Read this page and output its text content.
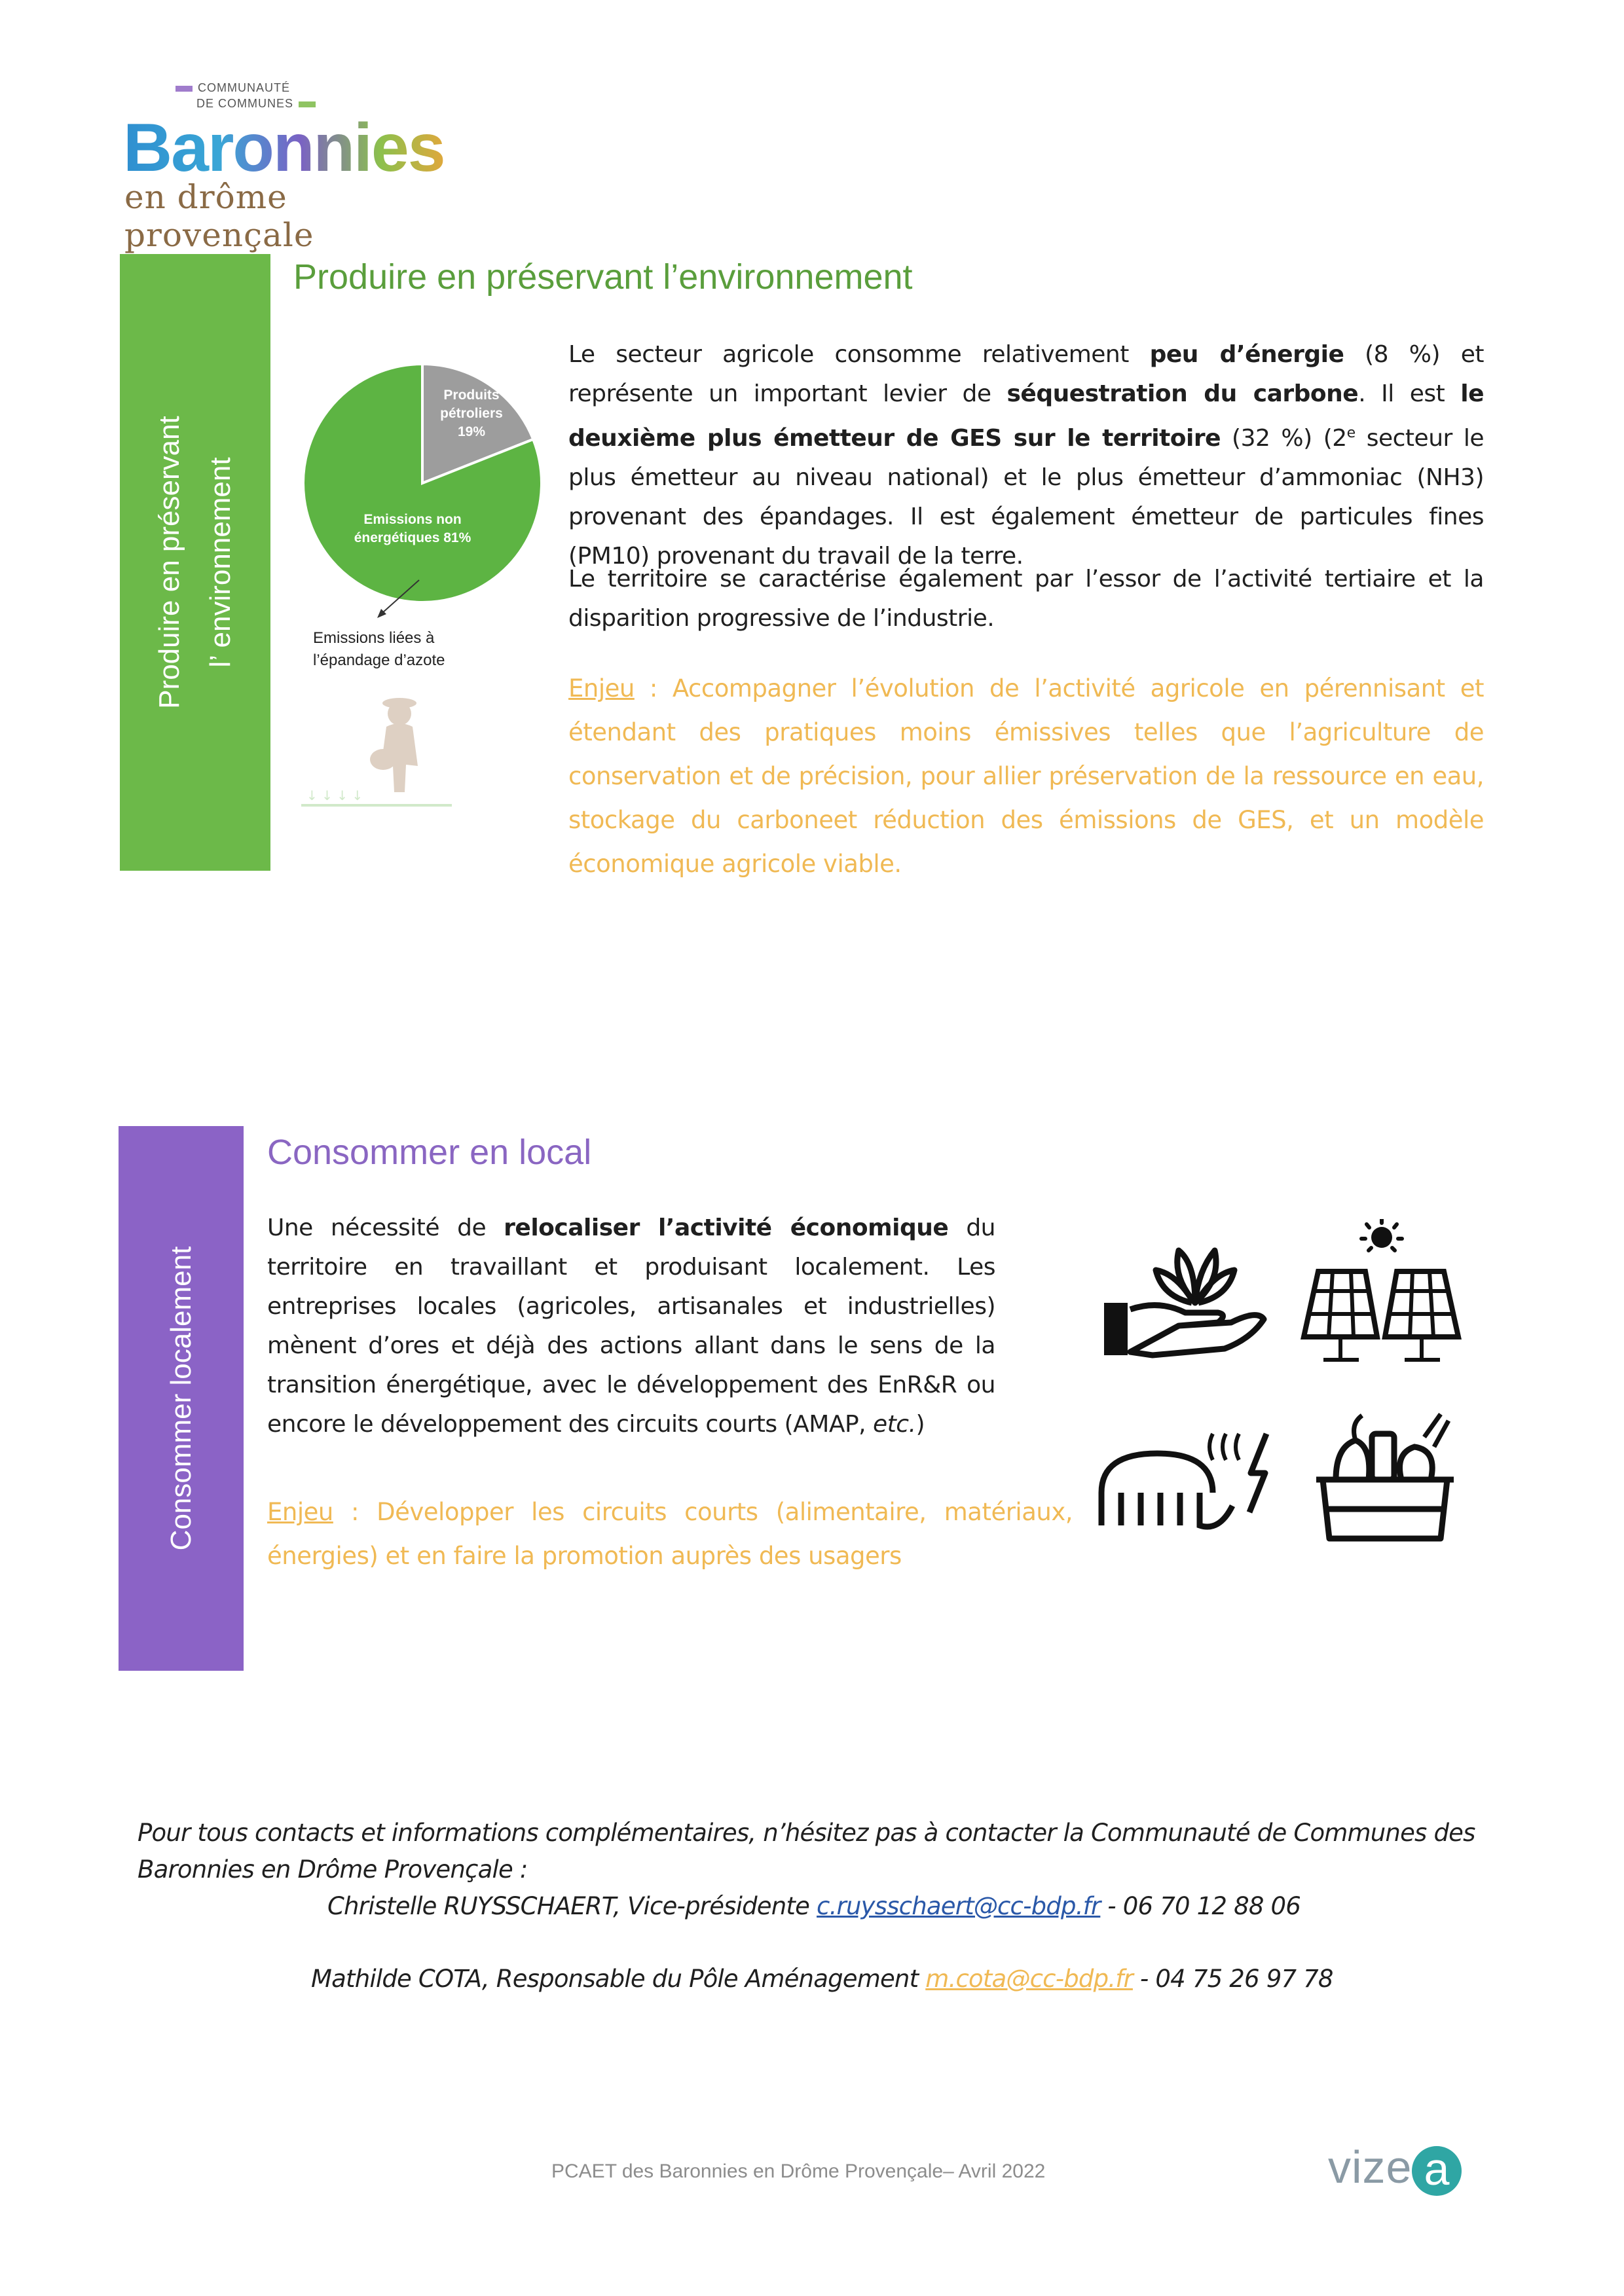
COMMUNAUTÉ
DE COMMUNES
Baronnies
en drôme provençale
Produire en préservant l’ environnement
Produire en préservant l’environnement
Produits
pétroliers
19%
Emissions non
énergétiques 81%
Emissions liées à
l’épandage d’azote
↓ ↓ ↓ ↓
Le secteur agricole consomme relativement peu d’énergie (8 %) et représente un important levier de séquestration du carbone. Il est le deuxième plus émetteur de GES sur le territoire (32 %) (2e secteur le plus émetteur au niveau national) et le plus émetteur d’ammoniac (NH3) provenant des épandages. Il est également émetteur de particules fines (PM10) provenant du travail de la terre.
Le territoire se caractérise également par l’essor de l’activité tertiaire et la disparition progressive de l’industrie.
Enjeu : Accompagner l’évolution de l’activité agricole en pérennisant et étendant des pratiques moins émissives telles que l’agriculture de conservation et de précision, pour allier préservation de la ressource en eau, stockage du carboneet réduction des émissions de GES, et un modèle économique agricole viable.
Consommer localement
Consommer en local
Une nécessité de relocaliser l’activité économique du territoire en travaillant et produisant localement. Les entreprises locales (agricoles, artisanales et industrielles) mènent d’ores et déjà des actions allant dans le sens de la transition énergétique, avec le développement des EnR&R ou encore le développement des circuits courts (AMAP, etc.)
Enjeu : Développer les circuits courts (alimentaire, matériaux, énergies) et en faire la promotion auprès des usagers
Pour tous contacts et informations complémentaires, n’hésitez pas à contacter la Communauté de Communes des Baronnies en Drôme Provençale :
Christelle RUYSSCHAERT, Vice-présidente c.ruysschaert@cc-bdp.fr - 06 70 12 88 06
Mathilde COTA, Responsable du Pôle Aménagement m.cota@cc-bdp.fr - 04 75 26 97 78
PCAET des Baronnies en Drôme Provençale– Avril 2022	vize a
